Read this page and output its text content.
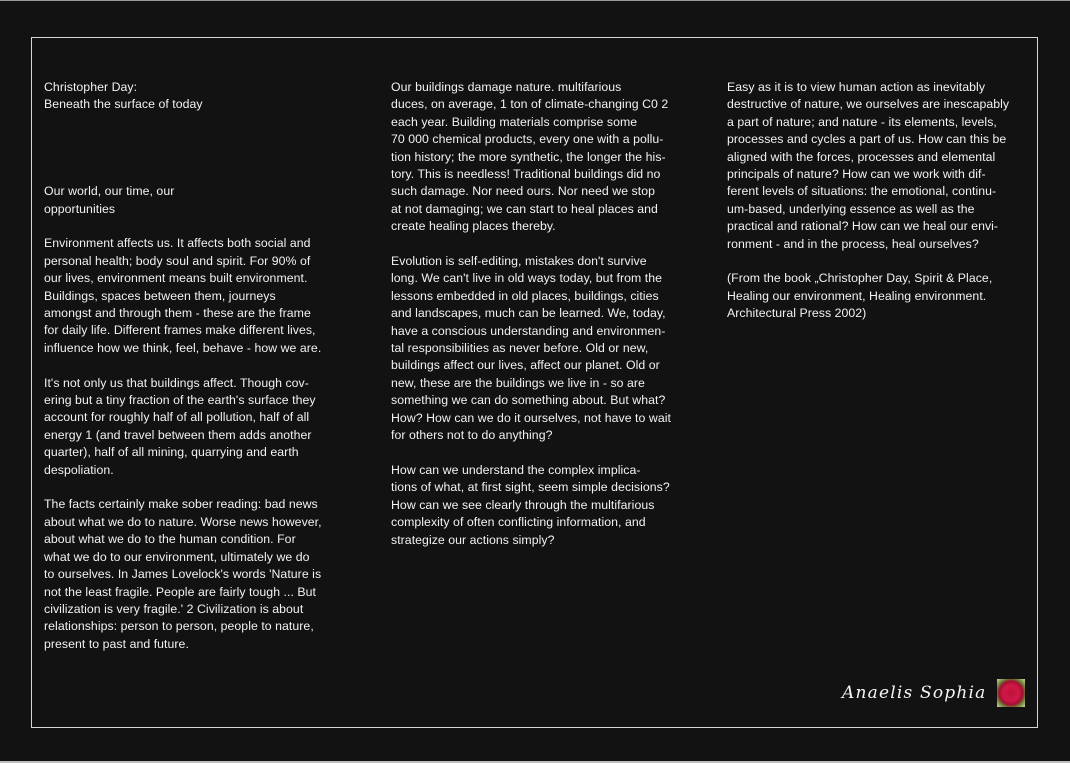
Christopher Day:

Beneath the surface of today

Our world, our time, our
opportunities

Environment affects us. It affects both social and
personal health; body soul and spirit. For 90% of
our lives, environment means built environment.
Buildings, spaces between them, journeys
amongst and through them - these are the frame
for daily life. Different frames make different lives,
influence how we think, feel, behave - how we are.

It's not only us that buildings affect. Though cov-
ering but a tiny fraction of the earth's surface they
account for roughly half of all pollution, half of all
energy 1 (and travel between them adds another
quarter), half of all mining, quarrying and earth
despoliation.

The facts certainly make sober reading: bad news
about what we do to nature. Worse news however,
about what we do to the human condition. For
what we do to our environment, ultimately we do
to ourselves. In James Lovelock's words 'Nature is
not the least fragile. People are fairly tough ... But
civilization is very fragile.' 2 Civilization is about
relationships: person to person, people to nature,
present to past and future.

Our buildings damage nature. multifarious
duces, on average, 1 ton of climate-changing C0 2
each year. Building materials comprise some
70 000 chemical products, every one with a pollu-
tion history; the more synthetic, the longer the his-
tory. This is needless! Traditional buildings did no
such damage. Nor need ours. Nor need we stop
at not damaging; we can start to heal places and
create healing places thereby.

Evolution is self-editing, mistakes don't survive
long. We can't live in old ways today, but from the
lessons embedded in old places, buildings, cities
and landscapes, much can be learned. We, today,
have a conscious understanding and environmen-
tal responsibilities as never before. Old or new,
buildings affect our lives, affect our planet. Old or
new, these are the buildings we live in - so are
something we can do something about. But what?
How? How can we do it ourselves, not have to wait
for others not to do anything?

How can we understand the complex implica-
tions of what, at first sight, seem simple decisions?
How can we see clearly through the multifarious
complexity of often conflicting information, and
strategize our actions simply?

Easy as it is to view human action as inevitably
destructive of nature, we ourselves are inescapably
a part of nature; and nature - its elements, levels,
processes and cycles a part of us. How can this be
aligned with the forces, processes and elemental
principals of nature? How can we work with dif-
ferent levels of situations: the emotional, continu-
um-based, underlying essence as well as the
practical and rational? How can we heal our envi-
ronment - and in the process, heal ourselves?

(From the book „Christopher Day, Spirit & Place,
Healing our environment, Healing environment.
Architectural Press 2002)

Anaelis Sophia
